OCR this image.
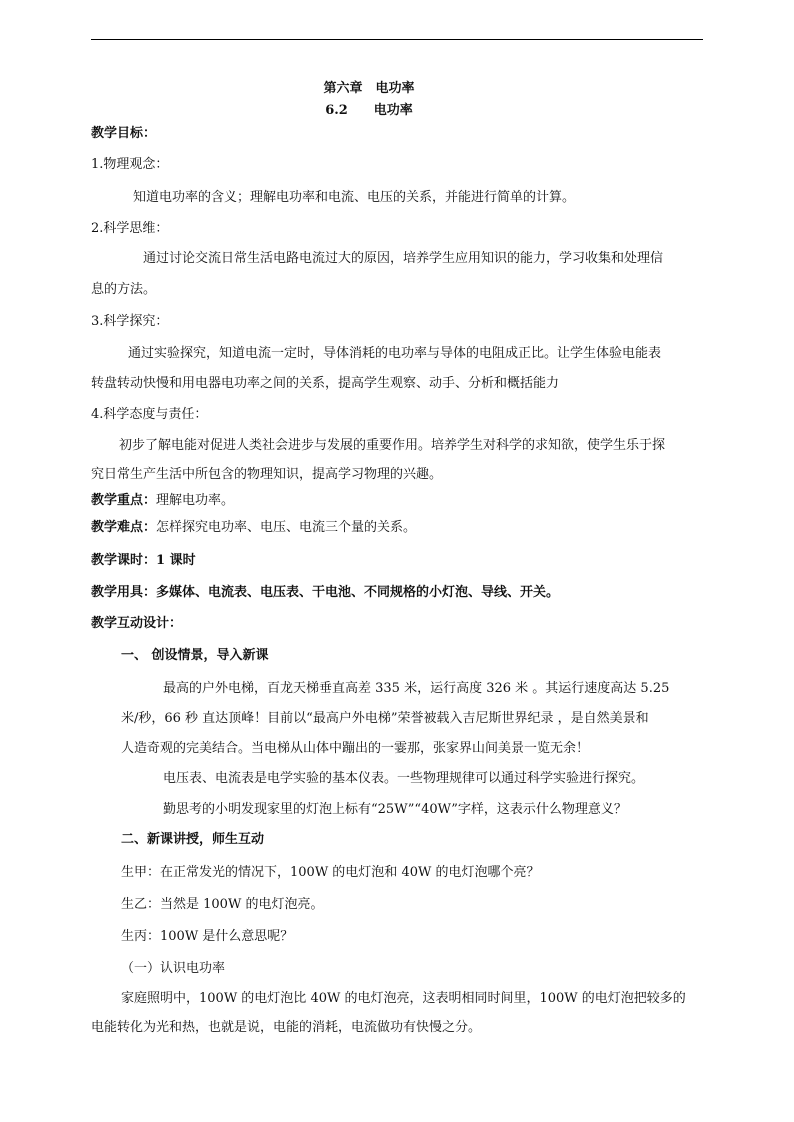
第六章　电功率
6.2　　电功率
教学目标：
1.物理观念：
知道电功率的含义；理解电功率和电流、电压的关系，并能进行简单的计算。
2.科学思维：
通过讨论交流日常生活电路电流过大的原因，培养学生应用知识的能力，学习收集和处理信
息的方法。
3.科学探究：
通过实验探究，知道电流一定时，导体消耗的电功率与导体的电阻成正比。让学生体验电能表
转盘转动快慢和用电器电功率之间的关系，提高学生观察、动手、分析和概括能力
4.科学态度与责任：
初步了解电能对促进人类社会进步与发展的重要作用。培养学生对科学的求知欲，使学生乐于探
究日常生产生活中所包含的物理知识，提高学习物理的兴趣。
教学重点：理解电功率。
教学难点：怎样探究电功率、电压、电流三个量的关系。
教学课时：1 课时
教学用具：多媒体、电流表、电压表、干电池、不同规格的小灯泡、导线、开关。
教学互动设计：
一、 创设情景，导入新课
最高的户外电梯，百龙天梯垂直高差 335 米，运行高度 326 米 。其运行速度高达 5.25
米/秒，66 秒 直达顶峰！目前以“最高户外电梯”荣誉被载入吉尼斯世界纪录 ，是自然美景和
人造奇观的完美结合。当电梯从山体中蹦出的一霎那，张家界山间美景一览无余！
电压表、电流表是电学实验的基本仪表。一些物理规律可以通过科学实验进行探究。
勤思考的小明发现家里的灯泡上标有“25W”“40W”字样，这表示什么物理意义？
二、新课讲授，师生互动
生甲：在正常发光的情况下，100W 的电灯泡和 40W 的电灯泡哪个亮？
生乙：当然是 100W 的电灯泡亮。
生丙：100W 是什么意思呢？
（一）认识电功率
家庭照明中，100W 的电灯泡比 40W 的电灯泡亮，这表明相同时间里，100W 的电灯泡把较多的
电能转化为光和热，也就是说，电能的消耗，电流做功有快慢之分。
